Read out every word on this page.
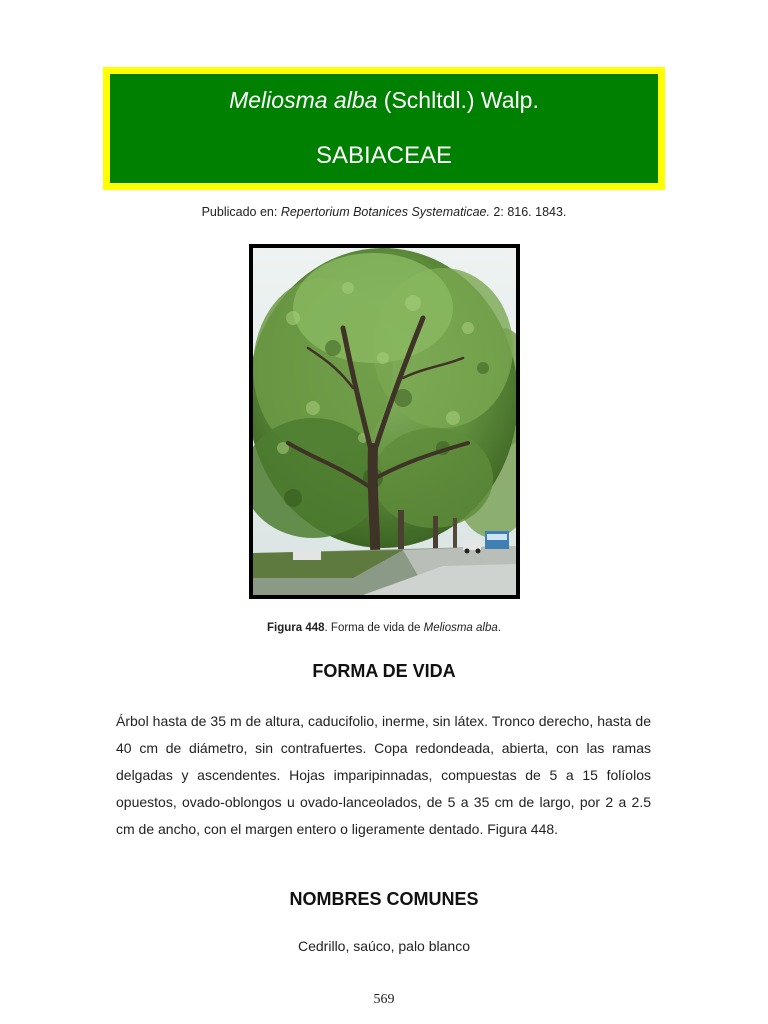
Meliosma alba (Schltdl.) Walp.
SABIACEAE
Publicado en: Repertorium Botanices Systematicae. 2: 816. 1843.
Figura 448. Forma de vida de Meliosma alba.
FORMA DE VIDA

Árbol hasta de 35 m de altura, caducifolio, inerme, sin látex. Tronco derecho, hasta de 40 cm de diámetro, sin contrafuertes. Copa redondeada, abierta, con las ramas delgadas y ascendentes. Hojas imparipinnadas, compuestas de 5 a 15 folíolos opuestos, ovado-oblongos u ovado-lanceolados, de 5 a 35 cm de largo, por 2 a 2.5 cm de ancho, con el margen entero o ligeramente dentado. Figura 448.

NOMBRES COMUNES
Cedrillo, saúco, palo blanco
569
